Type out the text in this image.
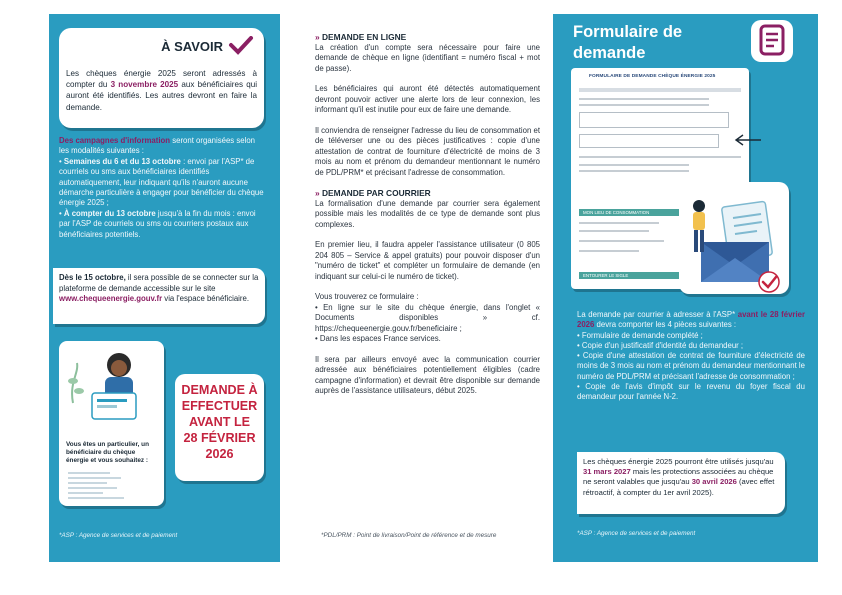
À SAVOIR

Les chèques énergie 2025 seront adressés à compter du 3 novembre 2025 aux bénéficiaires qui auront été identifiés. Les autres devront en faire la demande.

Des campagnes d'information seront organisées selon les modalités suivantes :

• Semaines du 6 et du 13 octobre : envoi par l'ASP* de courriels ou sms aux bénéficiaires identifiés automatiquement, leur indiquant qu'ils n'auront aucune démarche particulière à engager pour bénéficier du chèque énergie 2025 ;
• À compter du 13 octobre jusqu'à la fin du mois : envoi par l'ASP de courriels ou sms ou courriers postaux aux bénéficiaires potentiels.

Dès le 15 octobre, il sera possible de se connecter sur la plateforme de demande accessible sur le site www.chequeenergie.gouv.fr via l'espace bénéficiaire.

Vous êtes un particulier, un bénéficiaire du chèque énergie et vous souhaitez :

DEMANDE À
EFFECTUER
AVANT LE
28 FÉVRIER
2026
*ASP : Agence de services et de paiement

» DEMANDE EN LIGNE

La création d'un compte sera nécessaire pour faire une demande de chèque en ligne (identifiant = numéro fiscal + mot de passe).

Les bénéficiaires qui auront été détectés automatiquement devront pouvoir activer une alerte lors de leur connexion, les informant qu'il est inutile pour eux de faire une demande.

Il conviendra de renseigner l'adresse du lieu de consommation et de téléverser une ou des pièces justificatives : copie d'une attestation de contrat de fourniture d'électricité de moins de 3 mois au nom et prénom du demandeur mentionnant le numéro de PDL/PRM* et précisant l'adresse de consommation.

» DEMANDE PAR COURRIER

La formalisation d'une demande par courrier sera également possible mais les modalités de ce type de demande sont plus complexes.

En premier lieu, il faudra appeler l'assistance utilisateur (0 805 204 805 – Service & appel gratuits) pour pouvoir disposer d'un "numéro de ticket" et compléter un formulaire de demande (en indiquant sur celui-ci le numéro de ticket).

Vous trouverez ce formulaire :

• En ligne sur le site du chèque énergie, dans l'onglet « Documents disponibles » cf. https://chequeenergie.gouv.fr/beneficiaire ;
• Dans les espaces France services.

Il sera par ailleurs envoyé avec la communication courrier adressée aux bénéficiaires potentiellement éligibles (cadre campagne d'information) et devrait être disponible sur demande auprès de l'assistance utilisateurs, début 2025.

*PDL/PRM : Point de livraison/Point de référence et de mesure
Formulaire de
demande
FORMULAIRE DE DEMANDE CHÈQUE ÉNERGIE 2025
MON LIEU DE CONSOMMATION
ENTOURER LE SIGLE

La demande par courrier à adresser à l'ASP* avant le 28 février 2026 devra comporter les 4 pièces suivantes :

• Formulaire de demande complété ;
• Copie d'un justificatif d'identité du demandeur ;
• Copie d'une attestation de contrat de fourniture d'électricité de moins de 3 mois au nom et prénom du demandeur mentionnant le numéro de PDL/PRM et précisant l'adresse de consommation ;
• Copie de l'avis d'impôt sur le revenu du foyer fiscal du demandeur pour l'année N-2.

Les chèques énergie 2025 pourront être utilisés jusqu'au 31 mars 2027 mais les protections associées au chèque ne seront valables que jusqu'au 30 avril 2026 (avec effet rétroactif, à compter du 1er avril 2025).

*ASP : Agence de services et de paiement
